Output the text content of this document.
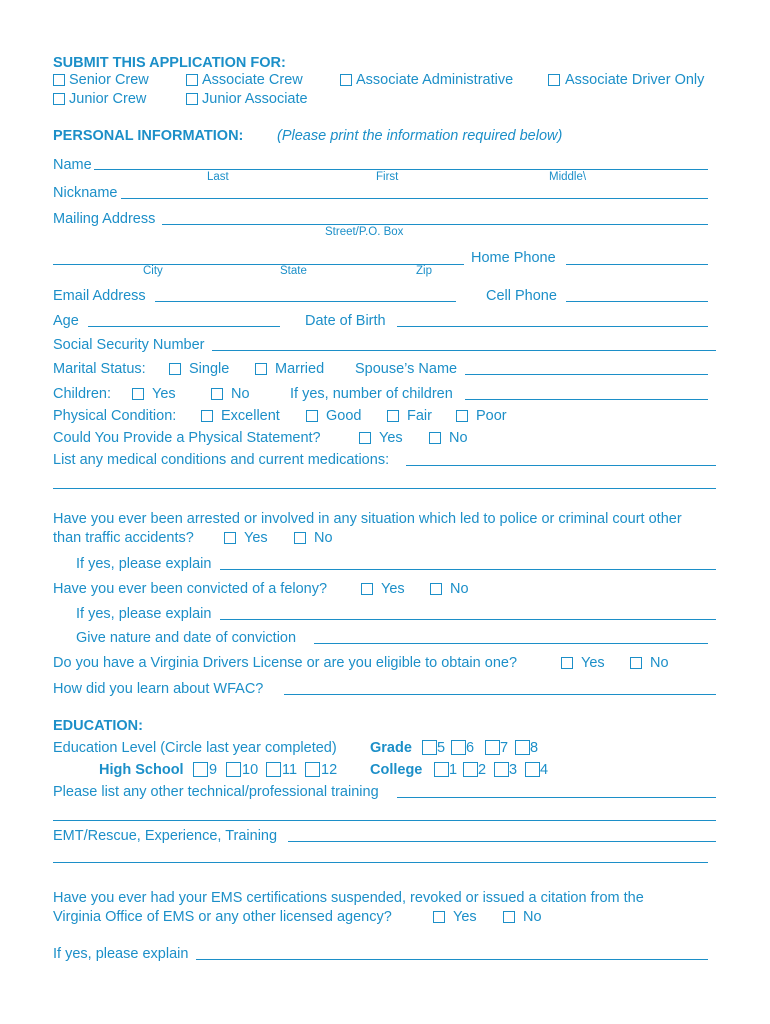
SUBMIT THIS APPLICATION FOR:
Senior Crew	Associate Crew	Associate Administrative	Associate Driver Only
Junior Crew	Junior Associate
PERSONAL INFORMATION: (Please print the information required below)
Name
Last	First	Middle\
Nickname
Mailing Address
Street/P.O. Box
Home Phone
City	State	Zip
Email Address	Cell Phone
Age	Date of Birth
Social Security Number
Marital Status:	Single	Married Spouse’s Name
Children:	Yes	No	If yes, number of children
Physical Condition:	Excellent	Good	Fair	Poor
Could You Provide a Physical Statement?	Yes	No
List any medical conditions and current medications:
Have you ever been arrested or involved in any situation which led to police or criminal court other
than traffic accidents?	Yes	No
If yes, please explain
Have you ever been convicted of a felony?	Yes	No
If yes, please explain
Give nature and date of conviction
Do you have a Virginia Drivers License or are you eligible to obtain one?	Yes	No
How did you learn about WFAC?
EDUCATION:
Education Level (Circle last year completed) Grade 5 6 7 8
High School 9 10 11 12 College 1 2 3 4
Please list any other technical/professional training
EMT/Rescue, Experience, Training
Have you ever had your EMS certifications suspended, revoked or issued a citation from the
Virginia Office of EMS or any other licensed agency?	Yes	No
If yes, please explain
